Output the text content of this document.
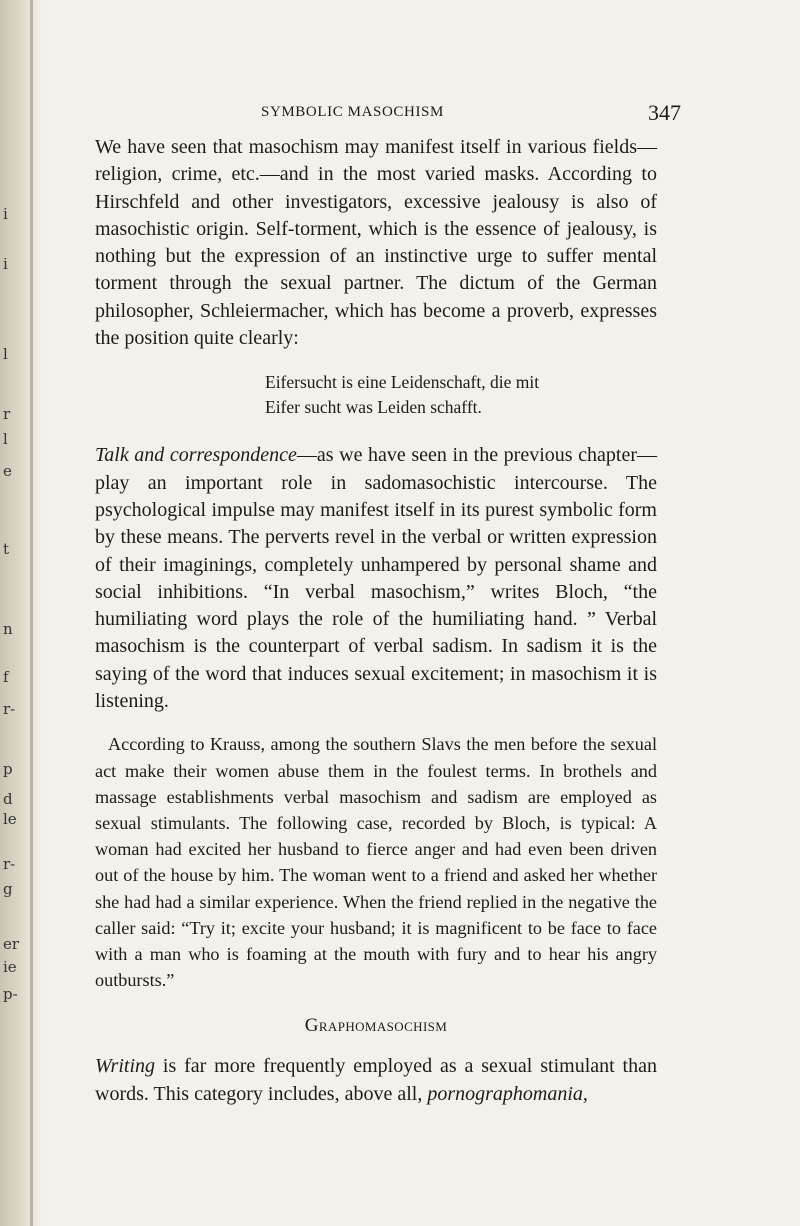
i
i
l
r
l
e
t
n
f
r-
p
d
le
r-
g
er
ie
p-
SYMBOLIC MASOCHISM	347

We have seen that masochism may manifest itself in various fields—religion, crime, etc.—and in the most varied masks. According to Hirschfeld and other investigators, excessive jealousy is also of masochistic origin. Self-torment, which is the essence of jealousy, is nothing but the expression of an instinctive urge to suffer mental torment through the sexual partner. The dictum of the German philosopher, Schleiermacher, which has become a proverb, expresses the position quite clearly:

Eifersucht is eine Leidenschaft, die mit
Eifer sucht was Leiden schafft.

Talk and correspondence—as we have seen in the previous chapter—play an important role in sadomasochistic intercourse. The psychological impulse may manifest itself in its purest symbolic form by these means. The perverts revel in the verbal or written expression of their imaginings, completely unhampered by personal shame and social inhibitions. “In verbal masochism,” writes Bloch, “the humiliating word plays the role of the humiliating hand. ” Verbal masochism is the counterpart of verbal sadism. In sadism it is the saying of the word that induces sexual excitement; in masochism it is listening.

According to Krauss, among the southern Slavs the men before the sexual act make their women abuse them in the foulest terms. In brothels and massage establishments verbal masochism and sadism are employed as sexual stimulants. The following case, recorded by Bloch, is typical: A woman had excited her husband to fierce anger and had even been driven out of the house by him. The woman went to a friend and asked her whether she had had a similar experience. When the friend replied in the negative the caller said: “Try it; excite your husband; it is magnificent to be face to face with a man who is foaming at the mouth with fury and to hear his angry outbursts.”

Graphomasochism

Writing is far more frequently employed as a sexual stimulant than words. This category includes, above all, pornographomania,
